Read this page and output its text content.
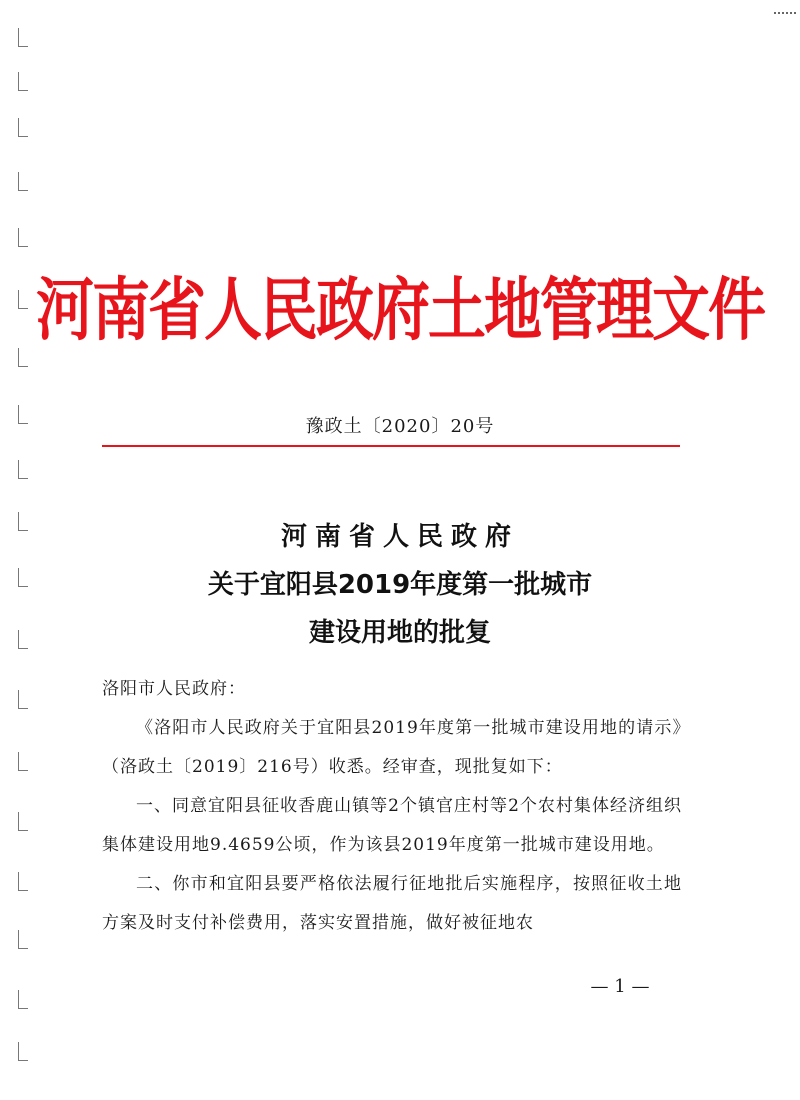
河南省人民政府土地管理文件
豫政土〔2020〕20号
河南省人民政府
关于宜阳县2019年度第一批城市
建设用地的批复

洛阳市人民政府：

《洛阳市人民政府关于宜阳县2019年度第一批城市建设用地的请示》（洛政土〔2019〕216号）收悉。经审查，现批复如下：

一、同意宜阳县征收香鹿山镇等2个镇官庄村等2个农村集体经济组织集体建设用地9.4659公顷，作为该县2019年度第一批城市建设用地。

二、你市和宜阳县要严格依法履行征地批后实施程序，按照征收土地方案及时支付补偿费用，落实安置措施，做好被征地农

— 1 —
